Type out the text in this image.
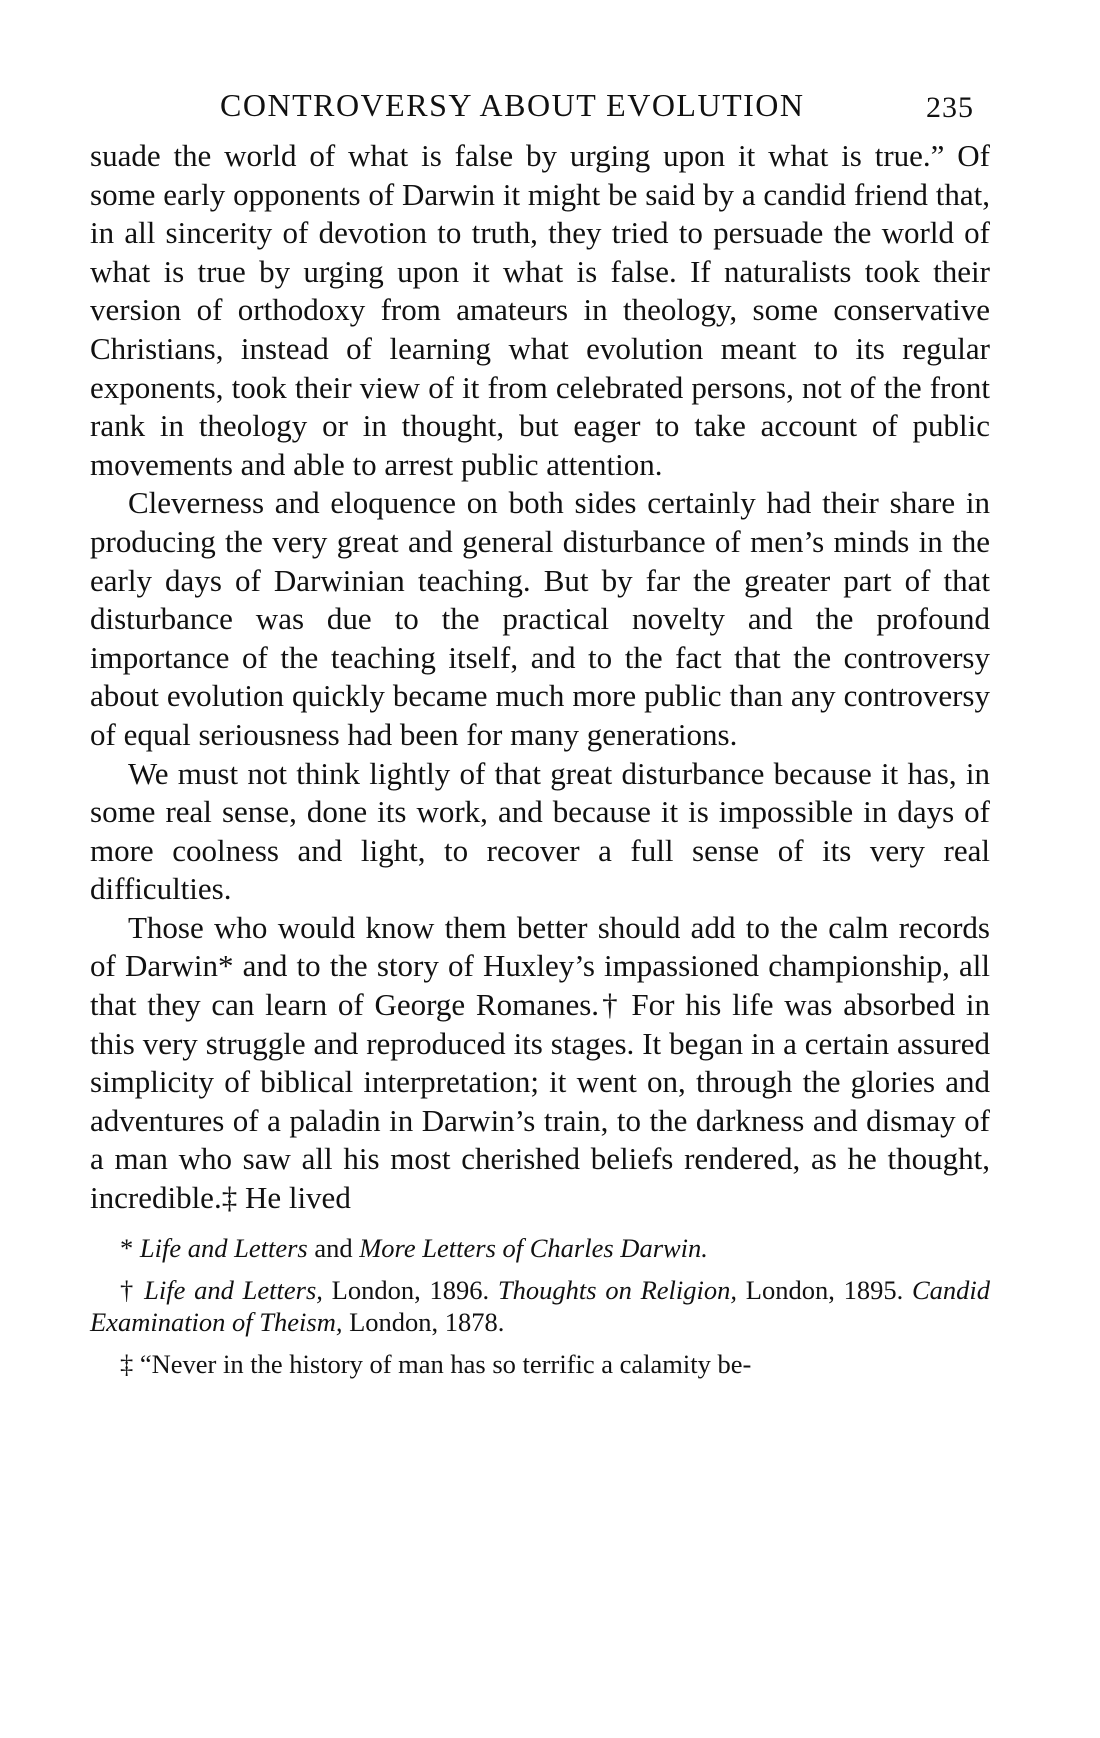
CONTROVERSY ABOUT EVOLUTION	235

suade the world of what is false by urging upon it what is true.” Of some early opponents of Darwin it might be said by a candid friend that, in all sincerity of devotion to truth, they tried to persuade the world of what is true by urging upon it what is false. If naturalists took their version of orthodoxy from amateurs in theology, some conservative Christians, instead of learning what evolution meant to its regular exponents, took their view of it from celebrated persons, not of the front rank in theology or in thought, but eager to take account of public movements and able to arrest public attention.

Cleverness and eloquence on both sides certainly had their share in producing the very great and general disturbance of men’s minds in the early days of Darwinian teaching. But by far the greater part of that disturbance was due to the practical novelty and the profound importance of the teaching itself, and to the fact that the controversy about evolution quickly became much more public than any controversy of equal seriousness had been for many generations.

We must not think lightly of that great disturbance because it has, in some real sense, done its work, and because it is impossible in days of more coolness and light, to recover a full sense of its very real difficulties.

Those who would know them better should add to the calm records of Darwin* and to the story of Huxley’s impassioned championship, all that they can learn of George Romanes.† For his life was absorbed in this very struggle and reproduced its stages. It began in a certain assured simplicity of biblical interpretation; it went on, through the glories and adventures of a paladin in Darwin’s train, to the darkness and dismay of a man who saw all his most cherished beliefs rendered, as he thought, incredible.‡ He lived

* Life and Letters and More Letters of Charles Darwin.

† Life and Letters, London, 1896. Thoughts on Religion, London, 1895. Candid Examination of Theism, London, 1878.

‡ “Never in the history of man has so terrific a calamity be-
